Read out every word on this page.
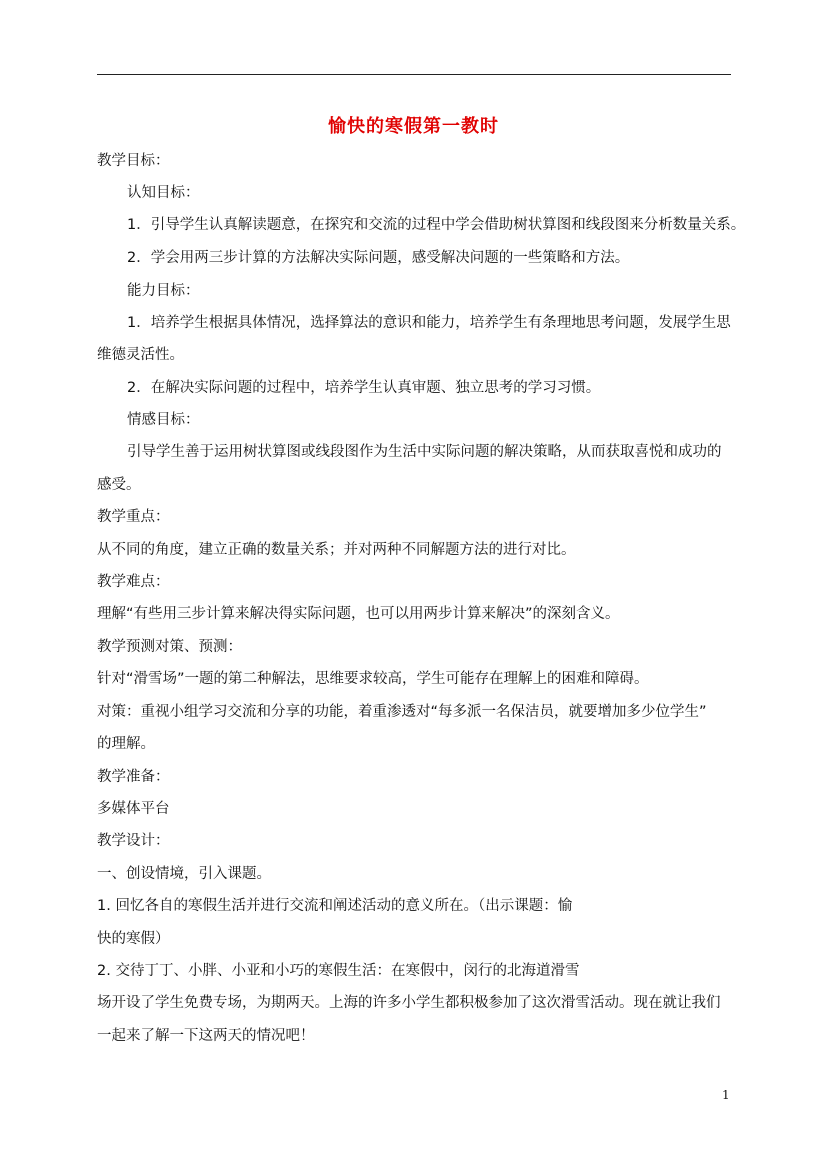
愉快的寒假第一教时
教学目标：
认知目标：
1．引导学生认真解读题意，在探究和交流的过程中学会借助树状算图和线段图来分析数量关系。
2．学会用两三步计算的方法解决实际问题，感受解决问题的一些策略和方法。
能力目标：
1．培养学生根据具体情况，选择算法的意识和能力，培养学生有条理地思考问题，发展学生思
维德灵活性。
2．在解决实际问题的过程中，培养学生认真审题、独立思考的学习习惯。
情感目标：
引导学生善于运用树状算图或线段图作为生活中实际问题的解决策略，从而获取喜悦和成功的
感受。
教学重点：
从不同的角度，建立正确的数量关系；并对两种不同解题方法的进行对比。
教学难点：
理解“有些用三步计算来解决得实际问题，也可以用两步计算来解决”的深刻含义。
教学预测对策、预测：
针对“滑雪场”一题的第二种解法，思维要求较高，学生可能存在理解上的困难和障碍。
对策：重视小组学习交流和分享的功能，着重渗透对“每多派一名保洁员，就要增加多少位学生”
的理解。
教学准备：
多媒体平台
教学设计：
一、创设情境，引入课题。
1. 回忆各自的寒假生活并进行交流和阐述活动的意义所在。（出示课题：愉
快的寒假）
2. 交待丁丁、小胖、小亚和小巧的寒假生活：在寒假中，闵行的北海道滑雪
场开设了学生免费专场，为期两天。上海的许多小学生都积极参加了这次滑雪活动。现在就让我们
一起来了解一下这两天的情况吧！
1
